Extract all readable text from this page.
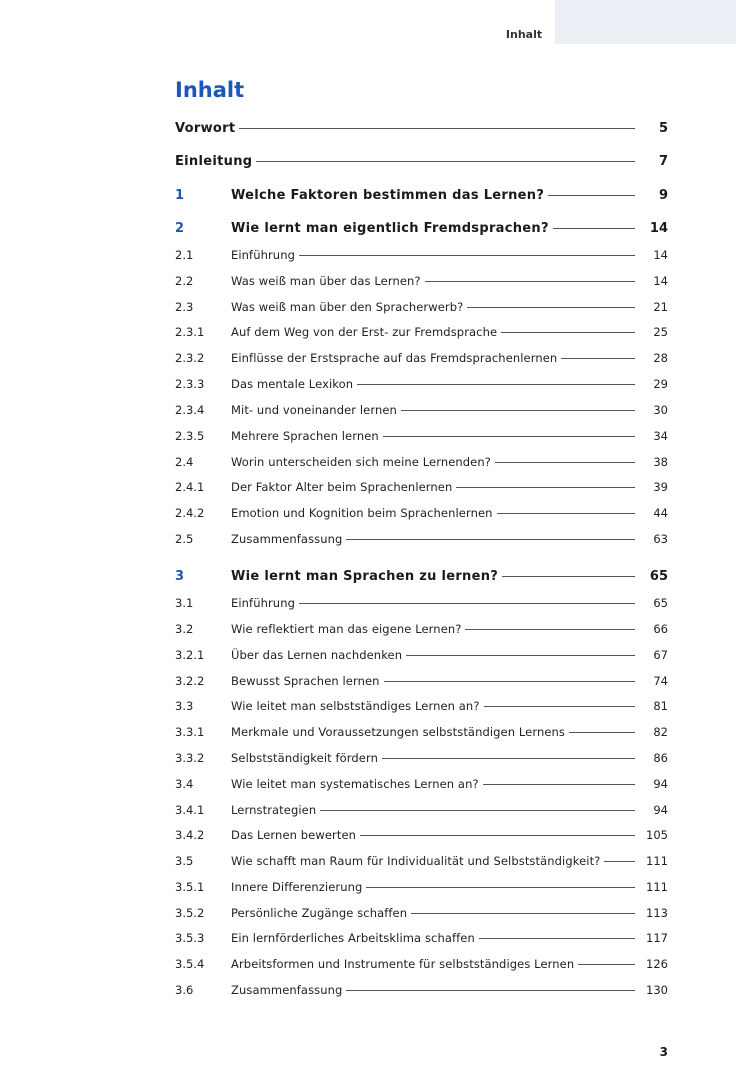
Inhalt
Inhalt
Vorwort	5
Einleitung	7
1	Welche Faktoren bestimmen das Lernen?	9
2	Wie lernt man eigentlich Fremdsprachen?	14
2.1	Einführung	14
2.2	Was weiß man über das Lernen?	14
2.3	Was weiß man über den Spracherwerb?	21
2.3.1 Auf dem Weg von der Erst- zur Fremdsprache	25
2.3.2 Einflüsse der Erstsprache auf das Fremdsprachenlernen	28
2.3.3 Das mentale Lexikon	29
2.3.4 Mit- und voneinander lernen	30
2.3.5 Mehrere Sprachen lernen	34
2.4	Worin unterscheiden sich meine Lernenden?	38
2.4.1 Der Faktor Alter beim Sprachenlernen	39
2.4.2 Emotion und Kognition beim Sprachenlernen	44
2.5	Zusammenfassung	63
3	Wie lernt man Sprachen zu lernen?	65
3.1	Einführung	65
3.2	Wie reflektiert man das eigene Lernen?	66
3.2.1 Über das Lernen nachdenken	67
3.2.2 Bewusst Sprachen lernen	74
3.3	Wie leitet man selbstständiges Lernen an?	81
3.3.1 Merkmale und Voraussetzungen selbstständigen Lernens	82
3.3.2 Selbstständigkeit fördern	86
3.4	Wie leitet man systematisches Lernen an?	94
3.4.1 Lernstrategien	94
3.4.2 Das Lernen bewerten	105
3.5	Wie schafft man Raum für Individualität und Selbstständigkeit?	111
3.5.1 Innere Differenzierung	111
3.5.2 Persönliche Zugänge schaffen	113
3.5.3 Ein lernförderliches Arbeitsklima schaffen	117
3.5.4 Arbeitsformen und Instrumente für selbstständiges Lernen	126
3.6	Zusammenfassung	130
3
